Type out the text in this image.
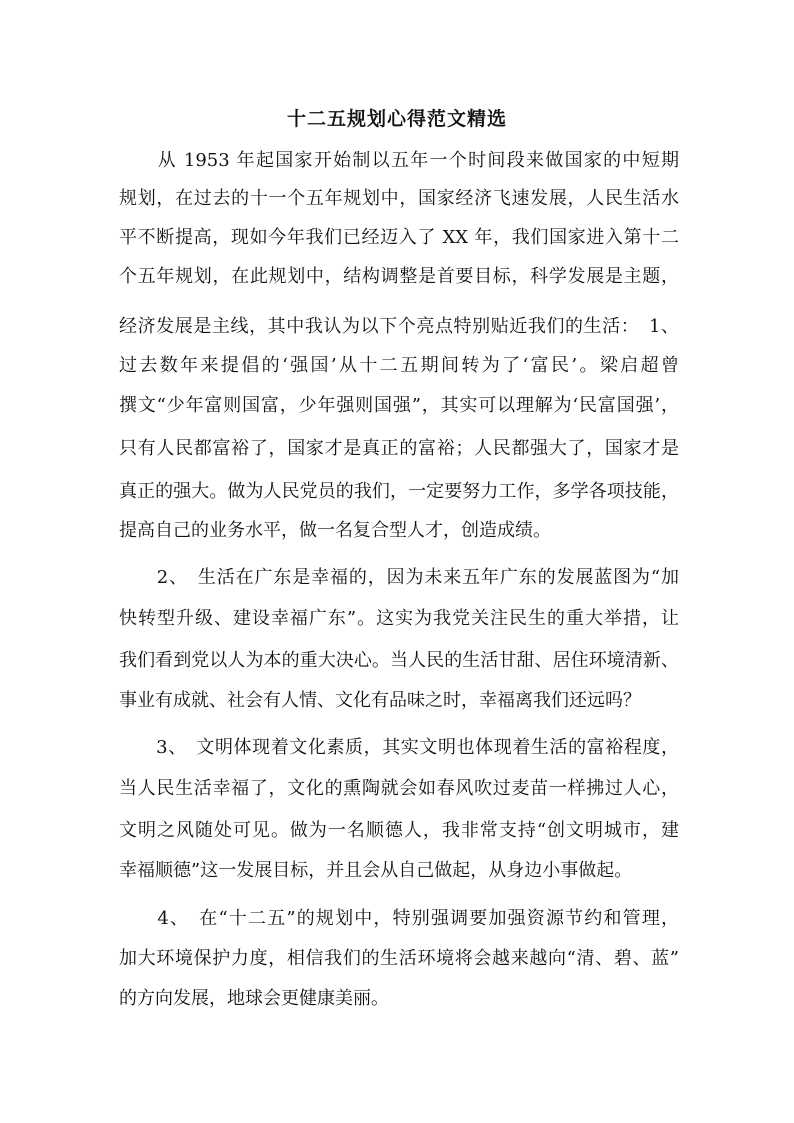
十二五规划心得范文精选
　　从 1953 年起国家开始制以五年一个时间段来做国家的中短期
规划，在过去的十一个五年规划中，国家经济飞速发展，人民生活水
平不断提高，现如今年我们已经迈入了 XX 年，我们国家进入第十二
个五年规划，在此规划中，结构调整是首要目标，科学发展是主题，
经济发展是主线，其中我认为以下个亮点特别贴近我们的生活：　1、
过去数年来提倡的‘强国’从十二五期间转为了‘富民’。梁启超曾
撰文“少年富则国富，少年强则国强”，其实可以理解为‘民富国强’，
只有人民都富裕了，国家才是真正的富裕；人民都强大了，国家才是
真正的强大。做为人民党员的我们，一定要努力工作，多学各项技能，
提高自己的业务水平，做一名复合型人才，创造成绩。
　　2、　生活在广东是幸福的，因为未来五年广东的发展蓝图为“加
快转型升级、建设幸福广东”。这实为我党关注民生的重大举措，让
我们看到党以人为本的重大决心。当人民的生活甘甜、居住环境清新、
事业有成就、社会有人情、文化有品味之时，幸福离我们还远吗？
　　3、　文明体现着文化素质，其实文明也体现着生活的富裕程度，
当人民生活幸福了，文化的熏陶就会如春风吹过麦苗一样拂过人心，
文明之风随处可见。做为一名顺德人，我非常支持“创文明城市，建
幸福顺德”这一发展目标，并且会从自己做起，从身边小事做起。
　　4、　在“十二五”的规划中，特别强调要加强资源节约和管理，
加大环境保护力度，相信我们的生活环境将会越来越向“清、碧、蓝”
的方向发展，地球会更健康美丽。
